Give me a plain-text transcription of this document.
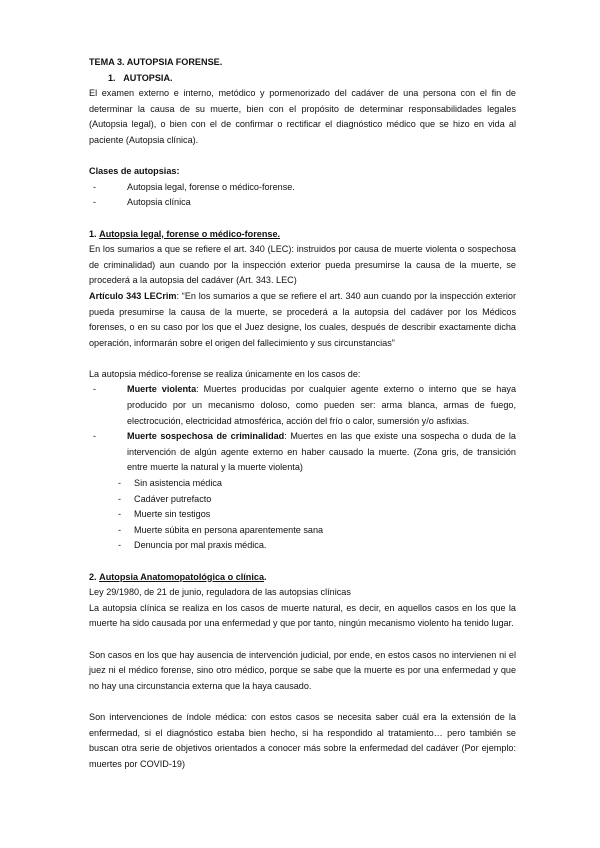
TEMA 3. AUTOPSIA FORENSE.

1. AUTOPSIA.

El examen externo e interno, metódico y pormenorizado del cadáver de una persona con el fin de determinar la causa de su muerte, bien con el propósito de determinar responsabilidades legales (Autopsia legal), o bien con el de confirmar o rectificar el diagnóstico médico que se hizo en vida al paciente (Autopsia clínica).

Clases de autopsias:

-	Autopsia legal, forense o médico-forense.

-	Autopsia clínica

1. Autopsia legal, forense o médico-forense.

En los sumarios a que se refiere el art. 340 (LEC): instruidos por causa de muerte violenta o sospechosa de criminalidad) aun cuando por la inspección exterior pueda presumirse la causa de la muerte, se procederá a la autopsia del cadáver (Art. 343. LEC)

Artículo 343 LECrim: “En los sumarios a que se refiere el art. 340 aun cuando por la inspección exterior pueda presumirse la causa de la muerte, se procederá a la autopsia del cadáver por los Médicos forenses, o en su caso por los que el Juez designe, los cuales, después de describir exactamente dicha operación, informarán sobre el origen del fallecimiento y sus circunstancias”

La autopsia médico-forense se realiza únicamente en los casos de:

-	Muerte violenta: Muertes producidas por cualquier agente externo o interno que se haya producido por un mecanismo doloso, como pueden ser: arma blanca, armas de fuego, electrocución, electricidad atmosférica, acción del frío o calor, sumersión y/o asfixias.

-	Muerte sospechosa de criminalidad: Muertes en las que existe una sospecha o duda de la intervención de algún agente externo en haber causado la muerte. (Zona gris, de transición entre muerte la natural y la muerte violenta)

- Sin asistencia médica

- Cadáver putrefacto

- Muerte sin testigos

- Muerte súbita en persona aparentemente sana

- Denuncia por mal praxis médica.

2. Autopsia Anatomopatológica o clínica.

Ley 29/1980, de 21 de junio, reguladora de las autopsias clínicas

La autopsia clínica se realiza en los casos de muerte natural, es decir, en aquellos casos en los que la muerte ha sido causada por una enfermedad y que por tanto, ningún mecanismo violento ha tenido lugar.

Son casos en los que hay ausencia de intervención judicial, por ende, en estos casos no intervienen ni el juez ni el médico forense, sino otro médico, porque se sabe que la muerte es por una enfermedad y que no hay una circunstancia externa que la haya causado.

Son intervenciones de índole médica: con estos casos se necesita saber cuál era la extensión de la enfermedad, si el diagnóstico estaba bien hecho, si ha respondido al tratamiento… pero también se buscan otra serie de objetivos orientados a conocer más sobre la enfermedad del cadáver (Por ejemplo: muertes por COVID-19)
